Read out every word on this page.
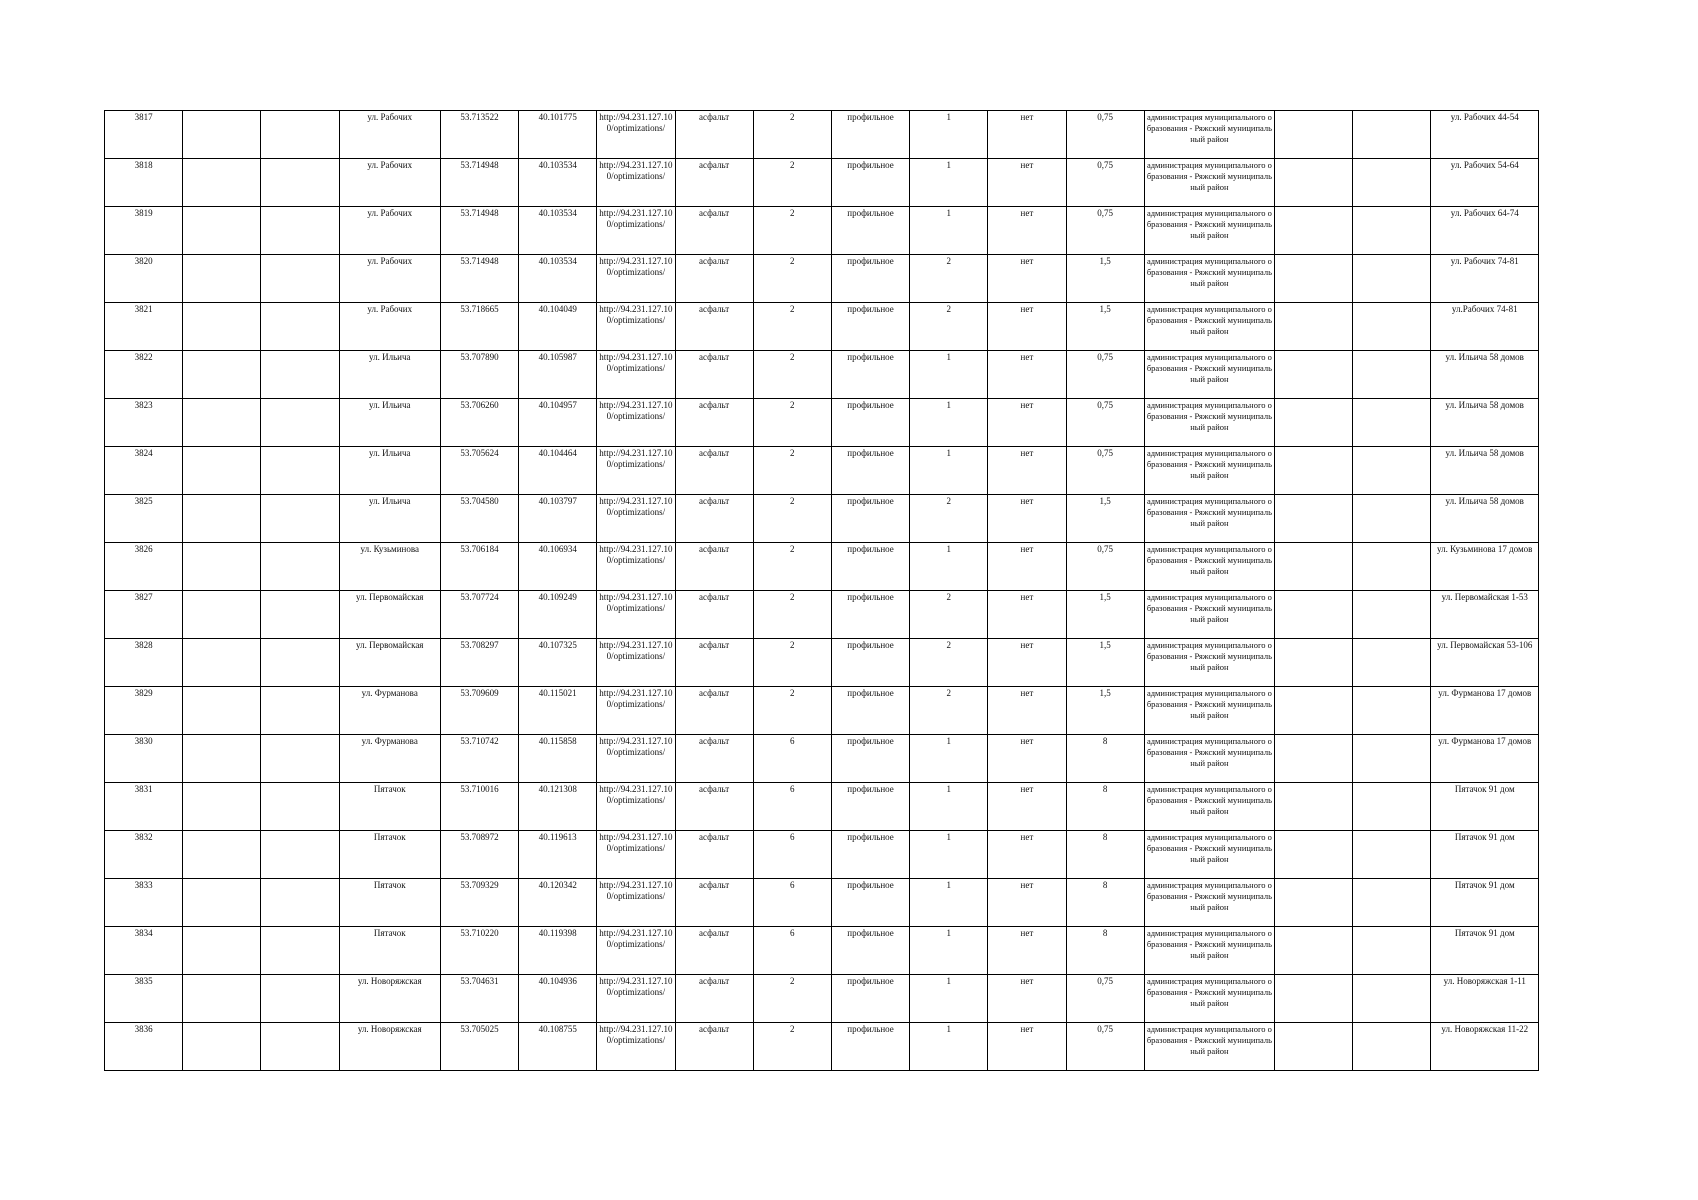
3817			ул. Рабочих	53.713522	40.101775	http://94.231.127.100/optimizations/	асфальт	2	профильное	1	нет	0,75	администрация муниципального образования - Ряжский муниципальный район			ул. Рабочих 44-54
3818			ул. Рабочих	53.714948	40.103534	http://94.231.127.100/optimizations/	асфальт	2	профильное	1	нет	0,75	администрация муниципального образования - Ряжский муниципальный район			ул. Рабочих 54-64
3819			ул. Рабочих	53.714948	40.103534	http://94.231.127.100/optimizations/	асфальт	2	профильное	1	нет	0,75	администрация муниципального образования - Ряжский муниципальный район			ул. Рабочих 64-74
3820			ул. Рабочих	53.714948	40.103534	http://94.231.127.100/optimizations/	асфальт	2	профильное	2	нет	1,5	администрация муниципального образования - Ряжский муниципальный район			ул. Рабочих 74-81
3821			ул. Рабочих	53.718665	40.104049	http://94.231.127.100/optimizations/	асфальт	2	профильное	2	нет	1,5	администрация муниципального образования - Ряжский муниципальный район			ул.Рабочих 74-81
3822			ул. Ильича	53.707890	40.105987	http://94.231.127.100/optimizations/	асфальт	2	профильное	1	нет	0,75	администрация муниципального образования - Ряжский муниципальный район			ул. Ильича 58 домов
3823			ул. Ильича	53.706260	40.104957	http://94.231.127.100/optimizations/	асфальт	2	профильное	1	нет	0,75	администрация муниципального образования - Ряжский муниципальный район			ул. Ильича 58 домов
3824			ул. Ильича	53.705624	40.104464	http://94.231.127.100/optimizations/	асфальт	2	профильное	1	нет	0,75	администрация муниципального образования - Ряжский муниципальный район			ул. Ильича 58 домов
3825			ул. Ильича	53.704580	40.103797	http://94.231.127.100/optimizations/	асфальт	2	профильное	2	нет	1,5	администрация муниципального образования - Ряжский муниципальный район			ул. Ильича 58 домов
3826			ул. Кузьминова	53.706184	40.106934	http://94.231.127.100/optimizations/	асфальт	2	профильное	1	нет	0,75	администрация муниципального образования - Ряжский муниципальный район			ул. Кузьминова 17 домов
3827			ул. Первомайская	53.707724	40.109249	http://94.231.127.100/optimizations/	асфальт	2	профильное	2	нет	1,5	администрация муниципального образования - Ряжский муниципальный район			ул. Первомайская 1-53
3828			ул. Первомайская	53.708297	40.107325	http://94.231.127.100/optimizations/	асфальт	2	профильное	2	нет	1,5	администрация муниципального образования - Ряжский муниципальный район			ул. Первомайская 53-106
3829			ул. Фурманова	53.709609	40.115021	http://94.231.127.100/optimizations/	асфальт	2	профильное	2	нет	1,5	администрация муниципального образования - Ряжский муниципальный район			ул. Фурманова 17 домов
3830			ул. Фурманова	53.710742	40.115858	http://94.231.127.100/optimizations/	асфальт	6	профильное	1	нет	8	администрация муниципального образования - Ряжский муниципальный район			ул. Фурманова 17 домов
3831			Пятачок	53.710016	40.121308	http://94.231.127.100/optimizations/	асфальт	6	профильное	1	нет	8	администрация муниципального образования - Ряжский муниципальный район			Пятачок 91 дом
3832			Пятачок	53.708972	40.119613	http://94.231.127.100/optimizations/	асфальт	6	профильное	1	нет	8	администрация муниципального образования - Ряжский муниципальный район			Пятачок 91 дом
3833			Пятачок	53.709329	40.120342	http://94.231.127.100/optimizations/	асфальт	6	профильное	1	нет	8	администрация муниципального образования - Ряжский муниципальный район			Пятачок 91 дом
3834			Пятачок	53.710220	40.119398	http://94.231.127.100/optimizations/	асфальт	6	профильное	1	нет	8	администрация муниципального образования - Ряжский муниципальный район			Пятачок 91 дом
3835			ул. Новоряжская	53.704631	40.104936	http://94.231.127.100/optimizations/	асфальт	2	профильное	1	нет	0,75	администрация муниципального образования - Ряжский муниципальный район			ул. Новоряжская 1-11
3836			ул. Новоряжская	53.705025	40.108755	http://94.231.127.100/optimizations/	асфальт	2	профильное	1	нет	0,75	администрация муниципального образования - Ряжский муниципальный район			ул. Новоряжская 11-22
